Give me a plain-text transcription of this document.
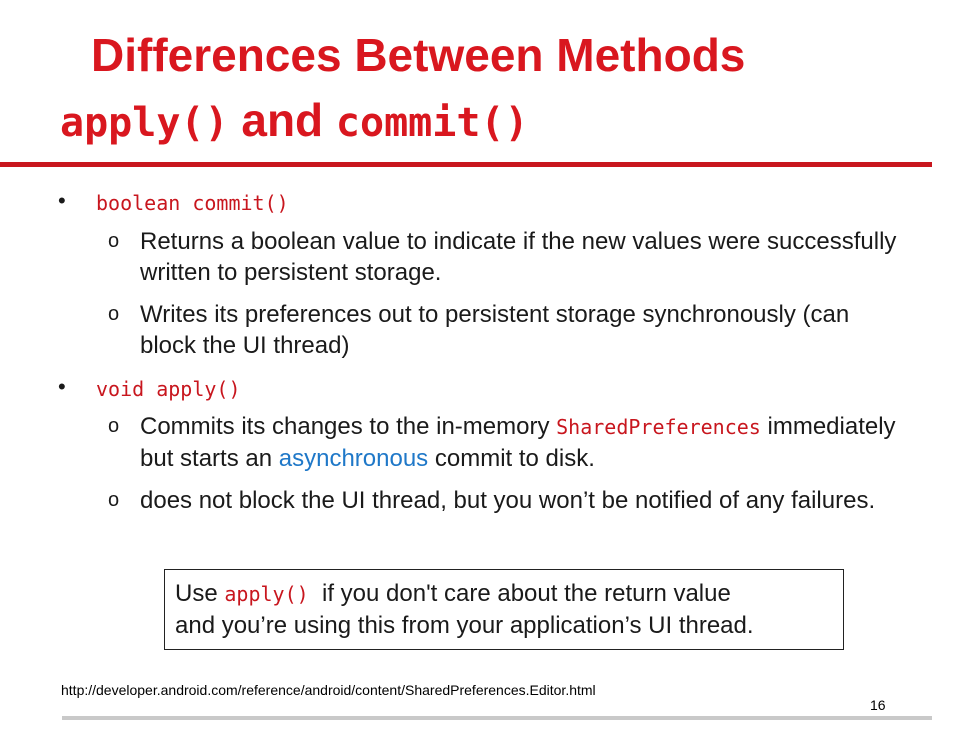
Differences Between Methods
apply() and commit()
• boolean commit()
o Returns a boolean value to indicate if the new values were successfully written to persistent storage.
o Writes its preferences out to persistent storage synchronously (can block the UI thread)
• void apply()
o Commits its changes to the in-memory SharedPreferences immediately but starts an asynchronous commit to disk.
o does not block the UI thread, but you won’t be notified of any failures.
Use apply()  if you don't care about the return value
and you’re using this from your application’s UI thread.
http://developer.android.com/reference/android/content/SharedPreferences.Editor.html
16
